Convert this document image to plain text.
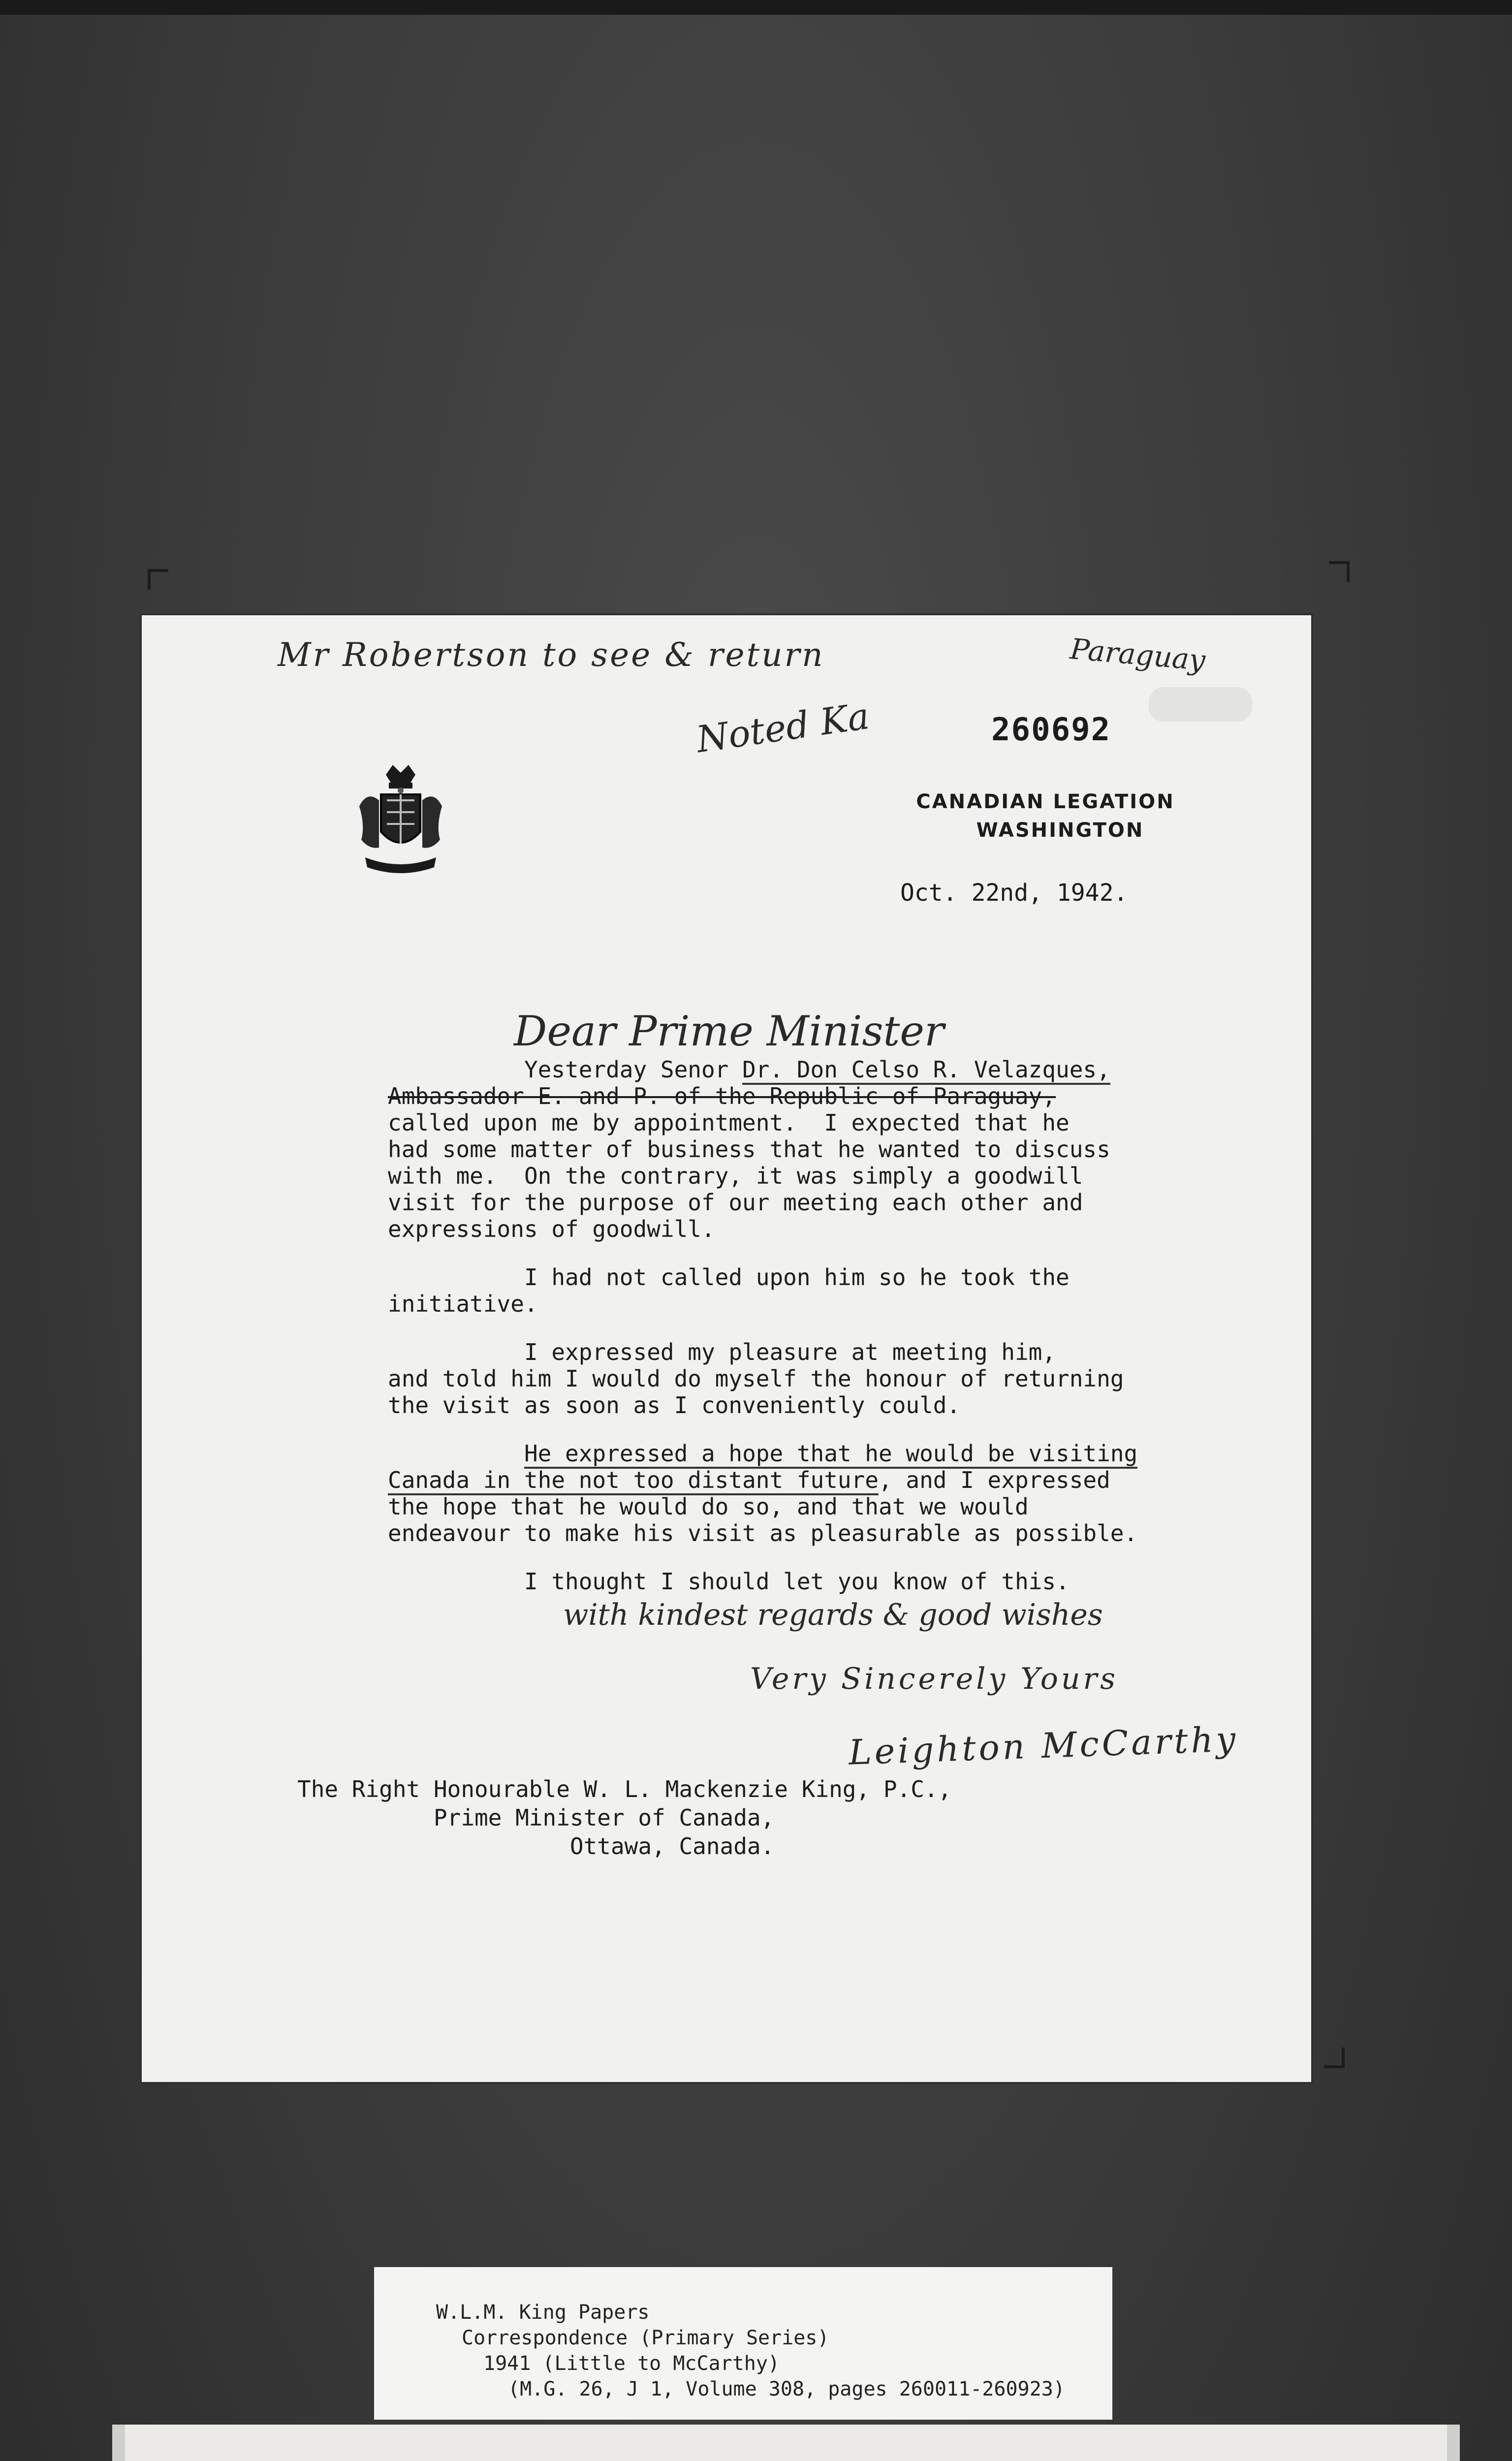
Mr Robertson to see & return
Noted Ka
Paraguay
260692
CANADIAN LEGATION
WASHINGTON
Oct. 22nd, 1942.
Dear Prime Minister

Yesterday Senor Dr. Don Celso R. Velazques,
Ambassador E. and P. of the Republic of Paraguay,
called upon me by appointment.  I expected that he
had some matter of business that he wanted to discuss
with me.  On the contrary, it was simply a goodwill
visit for the purpose of our meeting each other and
expressions of goodwill.

I had not called upon him so he took the
initiative.

I expressed my pleasure at meeting him,
and told him I would do myself the honour of returning
the visit as soon as I conveniently could.

He expressed a hope that he would be visiting
Canada in the not too distant future, and I expressed
the hope that he would do so, and that we would
endeavour to make his visit as pleasurable as possible.

I thought I should let you know of this.

with kindest regards & good wishes
Very Sincerely Yours
Leighton McCarthy
The Right Honourable W. L. Mackenzie King, P.C.,
Prime Minister of Canada,
Ottawa, Canada.
W.L.M. King Papers
Correspondence (Primary Series)
1941 (Little to McCarthy)
(M.G. 26, J 1, Volume 308, pages 260011-260923)
